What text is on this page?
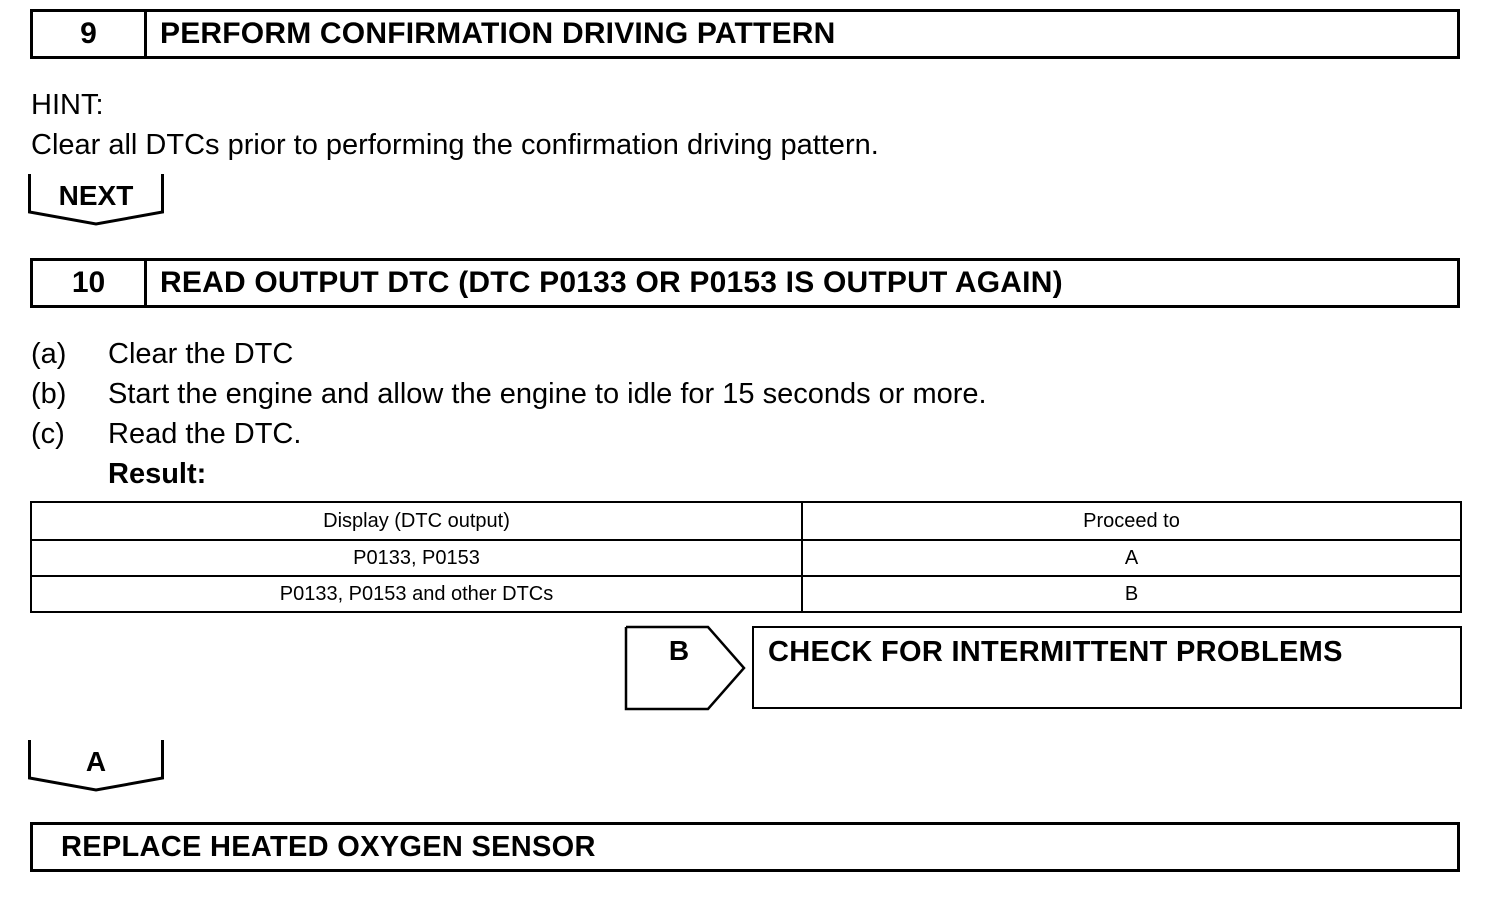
9	PERFORM CONFIRMATION DRIVING PATTERN
HINT:
Clear all DTCs prior to performing the confirmation driving pattern.
NEXT
10	READ OUTPUT DTC (DTC P0133 OR P0153 IS OUTPUT AGAIN)
(a) Clear the DTC
(b) Start the engine and allow the engine to idle for 15 seconds or more.
(c) Read the DTC.
Result:
Display (DTC output)	Proceed to
P0133, P0153	A
P0133, P0153 and other DTCs	B
B	CHECK FOR INTERMITTENT PROBLEMS
A
REPLACE HEATED OXYGEN SENSOR
